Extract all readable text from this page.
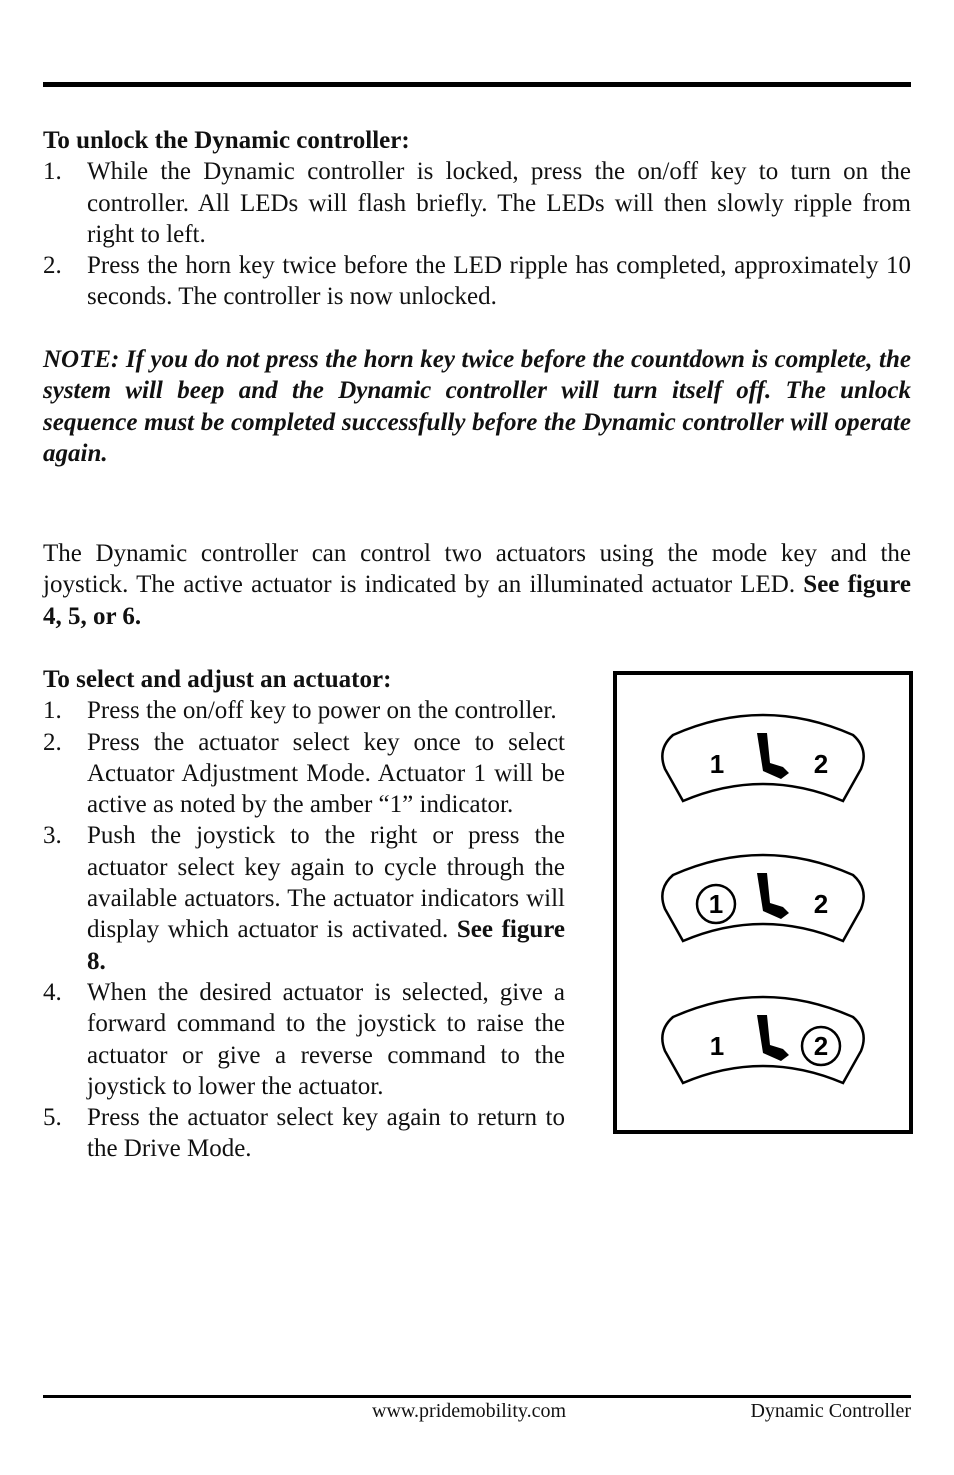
To unlock the Dynamic controller:
1. While the Dynamic controller is locked, press the on/off key to turn on the controller. All LEDs will flash briefly. The LEDs will then slowly ripple from right to left.
2. Press the horn key twice before the LED ripple has completed, approximately 10 seconds. The controller is now unlocked.
NOTE: If you do not press the horn key twice before the countdown is complete, the system will beep and the Dynamic controller will turn itself off. The unlock sequence must be completed successfully before the Dynamic controller will operate again.
The Dynamic controller can control two actuators using the mode key and the joystick. The active actuator is indicated by an illuminated actuator LED. See figure 4, 5, or 6.
To select and adjust an actuator:
1. Press the on/off key to power on the controller.
2. Press the actuator select key once to select Actuator Adjustment Mode. Actuator 1 will be active as noted by the amber “1” indicator.
3. Push the joystick to the right or press the actuator select key again to cycle through the available actuators. The actuator indicators will display which actuator is activated. See figure 8.
4. When the desired actuator is selected, give a forward command to the joystick to raise the actuator or give a reverse command to the joystick to lower the actuator.
5. Press the actuator select key again to return to the Drive Mode.
1	2
1	2
1	2
www.pridemobility.com	Dynamic Controller
